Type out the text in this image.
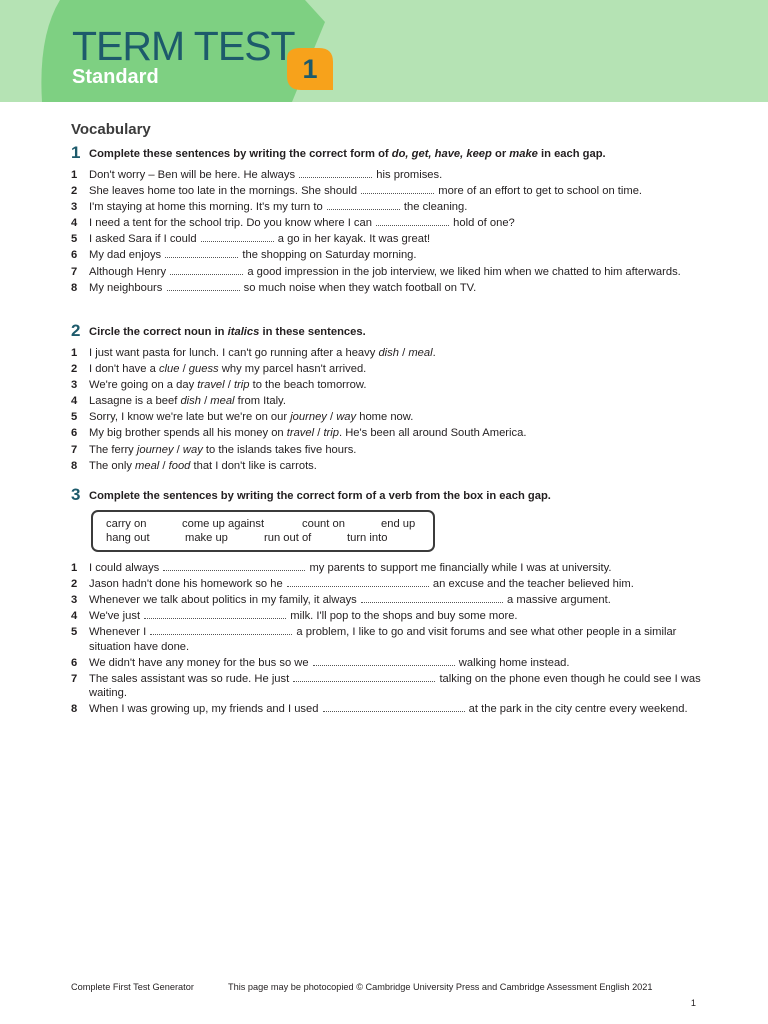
TERM TEST
Standard	1
Vocabulary
1 Complete these sentences by writing the correct form of do, get, have, keep or make in each gap.
1 Don't worry – Ben will be here. He always	his promises.
2 She leaves home too late in the mornings. She should	more of an effort to get to school on time.
3 I'm staying at home this morning. It's my turn to	the cleaning.
4 I need a tent for the school trip. Do you know where I can	hold of one?
5 I asked Sara if I could	a go in her kayak. It was great!
6 My dad enjoys	the shopping on Saturday morning.
7 Although Henry	a good impression in the job interview, we liked him when we chatted to him afterwards.
8 My neighbours	so much noise when they watch football on TV.
2 Circle the correct noun in italics in these sentences.
1 I just want pasta for lunch. I can't go running after a heavy dish / meal.
2 I don't have a clue / guess why my parcel hasn't arrived.
3 We're going on a day travel / trip to the beach tomorrow.
4 Lasagne is a beef dish / meal from Italy.
5 Sorry, I know we're late but we're on our journey / way home now.
6 My big brother spends all his money on travel / trip. He's been all around South America.
7 The ferry journey / way to the islands takes five hours.
8 The only meal / food that I don't like is carrots.
3 Complete the sentences by writing the correct form of a verb from the box in each gap.
carry on	come up against	count on	end up
hang out	make up	run out of	turn into
1 I could always	my parents to support me financially while I was at university.
2 Jason hadn't done his homework so he	an excuse and the teacher believed him.
3 Whenever we talk about politics in my family, it always	a massive argument.
4 We've just	milk. I'll pop to the shops and buy some more.
5 Whenever I	a problem, I like to go and visit forums and see what other people in a similar situation have done.
6 We didn't have any money for the bus so we	walking home instead.
7 The sales assistant was so rude. He just	talking on the phone even though he could see I was waiting.
8 When I was growing up, my friends and I used	at the park in the city centre every weekend.
Complete First Test Generator	This page may be photocopied © Cambridge University Press and Cambridge Assessment English 2021
1
